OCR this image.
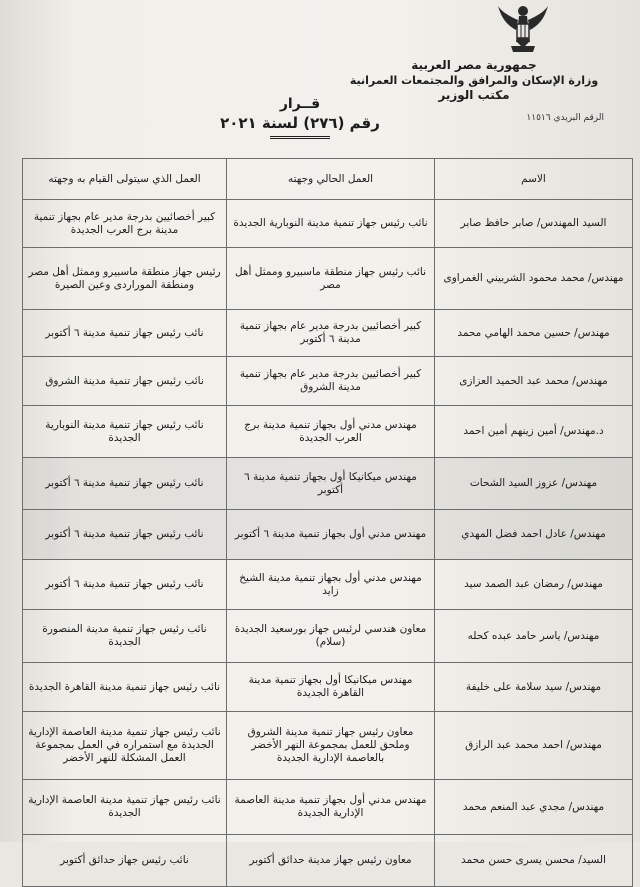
جمهورية مصر العربية
وزارة الإسكان والمرافق والمجتمعات العمرانية
مكتب الوزير
الرقم البريدي ١١٥١٦
قــرار
رقم (٢٧٦) لسنة ٢٠٢١
الاسم	العمل الحالي وجهته	العمل الذي سيتولى القيام به وجهته
السيد المهندس/ صابر حافظ صابر	نائب رئيس جهاز تنمية مدينة النوبارية الجديدة	كبير أخصائيين بدرجة مدير عام بجهاز تنمية مدينة برج العرب الجديدة
مهندس/ محمد محمود الشربيني الغمراوى	نائب رئيس جهاز منطقة ماسبيرو وممثل أهل مصر	رئيس جهاز منطقة ماسبيرو وممثل أهل مصر ومنطقة الموراردى وعين الصيرة
مهندس/ حسين محمد الهامي محمد	كبير أخصائيين بدرجة مدير عام بجهاز تنمية مدينة ٦ أكتوبر	نائب رئيس جهاز تنمية مدينة ٦ أكتوبر
مهندس/ محمد عبد الحميد العزازى	كبير أخصائيين بدرجة مدير عام بجهاز تنمية مدينة الشروق	نائب رئيس جهاز تنمية مدينة الشروق
د.مهندس/ أمين زينهم أمين احمد	مهندس مدني أول بجهاز تنمية مدينة برج العرب الجديدة	نائب رئيس جهاز تنمية مدينة النوبارية الجديدة
مهندس/ عزوز السيد الشحات	مهندس ميكانيكا أول بجهاز تنمية مدينة ٦ أكتوبر	نائب رئيس جهاز تنمية مدينة ٦ أكتوبر
مهندس/ عادل احمد فضل المهدي	مهندس مدني أول بجهاز تنمية مدينة ٦ أكتوبر	نائب رئيس جهاز تنمية مدينة ٦ أكتوبر
مهندس/ رمضان عبد الصمد سيد	مهندس مدني أول بجهاز تنمية مدينة الشيخ زايد	نائب رئيس جهاز تنمية مدينة ٦ أكتوبر
مهندس/ ياسر حامد عبده كحله	معاون هندسي لرئيس جهاز بورسعيد الجديدة (سلام)	نائب رئيس جهاز تنمية مدينة المنصورة الجديدة
مهندس/ سيد سلامة على خليفة	مهندس ميكانيكا أول بجهاز تنمية مدينة القاهرة الجديدة	نائب رئيس جهاز تنمية مدينة القاهرة الجديدة
مهندس/ احمد محمد عبد الرازق	معاون رئيس جهاز تنمية مدينة الشروق وملحق للعمل بمجموعة النهر الأخضر بالعاصمة الإدارية الجديدة	نائب رئيس جهاز تنمية مدينة العاصمة الإدارية الجديدة مع استمراره في العمل بمجموعة العمل المشكلة للنهر الأخضر
مهندس/ مجدي عبد المنعم محمد	مهندس مدني أول بجهاز تنمية مدينة العاصمة الإدارية الجديدة	نائب رئيس جهاز تنمية مدينة العاصمة الإدارية الجديدة
السيد/ محسن يسرى حسن محمد	معاون رئيس جهاز مدينة حدائق أكتوبر	نائب رئيس جهاز حدائق أكتوبر
